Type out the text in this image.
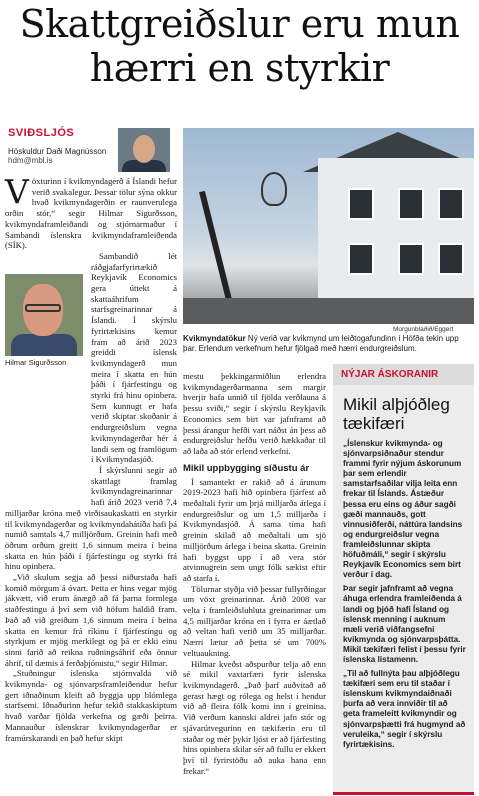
Skattgreiðslur eru mun hærri en styrkir
SVIÐSLJÓS
Höskuldur Daði Magnússon
hdm@mbl.is

Vöxturinn í kvikmyndagerð á Íslandi hefur verið svakalegur. Þessar tölur sýna okkur hvað kvikmyndagerðin er raunverulega orðin stór,“ segir Hilmar Sigurðsson, kvikmyndaframleiðandi og stjórnarmaður í Sambandi íslenskra kvikmyndaframleiðenda (SÍK).

Sambandið lét ráðgjafarfyrirtækið Reykjavík Economics gera úttekt á skattaáhrifum starfsgreinarinnar á Íslandi. Í skýrslu fyrirtækisins kemur fram að árið 2023 greiddi íslensk kvikmyndagerð mun meira í skatta en hún þáði í fjárfestingu og styrki frá hinu opinbera. Sem kunnugt er hafa verið skiptar skoðanir á endurgreiðslum vegna kvikmyndagerðar hér á landi sem og framlögum í Kvikmyndasjóð.

Í skýrslunni segir að skattlagt framlag kvikmyndagreinarinnar hafi árið 2023 verið 7,4 milljarðar króna með virðisaukaskatti en styrkir til kvikmyndagerðar og kvikmyndahátíða hafi þá numið samtals 4,7 milljörðum. Greinin hafi með öðrum orðum greitt 1,6 sinnum meira í beina skatta en hún þáði í fjárfestingu og styrki frá hinu opinbera.

„Við skulum segja að þessi niðurstaða hafi komið mörgum á óvart. Þetta er hins vegar mjög jákvætt, við erum ánægð að fá þarna formlega staðfestingu á því sem við höfum haldið fram. Það að við greiðum 1,6 sinnum meira í beina skatta en kemur frá ríkinu í fjárfestingu og styrkjum er mjög merkilegt og þá er ekki einu sinni farið að reikna ruðningsáhrif eða önnur áhrif, til dæmis á ferðaþjónustu,“ segir Hilmar.

„Stuðningur íslenska stjórnvalda við kvikmynda- og sjónvarpsframleiðendur hefur gert iðnaðinum kleift að byggja upp blómlega starfsemi. Iðnaðurinn hefur tekið stakkaskiptum hvað varðar fjölda verkefna og gæði þeirra. Mannauður íslenskrar kvikmyndagerðar er framúrskarandi en það hefur skipt

Hilmar Sigurðsson
Morgunblaðið/Eggert
Kvikmyndatökur Ný verið var kvikmynd um leiðtogafundinn í Höfða tekin upp þar. Erlendum verkefnum hefur fjölgað með hærri endurgreiðslum.

mestu þekkingarmiðlun erlendra kvikmyndagerðarmanna sem margir hverjir hafa unnið til fjölda verðlauna á þessu sviði,“ segir í skýrslu Reykjavík Economics sem birt var jafnframt að þessi árangur hefði vart náðst án þess að endurgreiðslur hefðu verið hækkaðar til að laða að stór erlend verkefni.

Mikil uppbygging síðustu ár

Í samantekt er rakið að á árunum 2019-2023 hafi hið opinbera fjárfest að meðaltali fyrir um þrjá milljarða árlega í endurgreiðslur og um 1,5 milljarða í Kvikmyndasjóð. Á sama tíma hafi greinin skilað að meðaltali um sjö milljörðum árlega í beina skatta. Greinin hafi byggst upp í að vera stór atvinnugrein sem ungt fólk sækist eftir að starfa í.

Tölurnar styðja við þessar fullyrðingar um vöxt greinarinnar. Árið 2008 var velta í framleiðsluhluta greinarinnar um 4,5 milljarðar króna en í fyrra er áætlað að veltan hafi verið um 35 milljarðar. Nærri lætur að þetta sé um 700% veltuaukning.

Hilmar kveðst aðspurður telja að enn sé mikil vaxtarfæri fyrir íslenska kvikmyndagerð. „Það þarf auðvitað að gerast hægt og rólega og helst í hendur við að fleira fólk komi inn í greinina. Við verðum kannski aldrei jafn stór og sjávarútvegurinn en tækifærin eru til staðar og mér þykir ljóst er að fjárfesting hins opinbera skilar sér að fullu er ekkert því til fyrirstöðu að auka hana enn frekar.“

NÝJAR ÁSKORANIR
Mikil alþjóðleg tækifæri

„Íslenskur kvikmynda- og sjónvarpsiðnaður stendur frammi fyrir nýjum áskorunum þar sem erlendir samstarfsaðilar vilja leita enn frekar til Íslands. Ástæður þessa eru eins og áður sagði gæði mannauðs, gott vinnusiðferði, náttúra landsins og endurgreiðslur vegna framleiðslunnar skipta höfuðmáli,“ segir í skýrslu Reykjavík Economics sem birt verður í dag.

Þar segir jafnframt að vegna áhuga erlendra framleiðenda á landi og þjóð hafi Ísland og íslensk menning í auknum mæli verið viðfangsefni kvikmynda og sjónvarpsþátta. Mikil tækifæri felist í þessu fyrir íslenska listamenn.

„Til að fullnýta þau alþjóðlegu tækifæri sem eru til staðar í íslenskum kvikmyndaiðnaði þurfa að vera innviðir til að geta frameleitt kvikmyndir og sjónvarpsþætti frá hugmynd að veruleika,“ segir í skýrslu fyrirtækisins.
